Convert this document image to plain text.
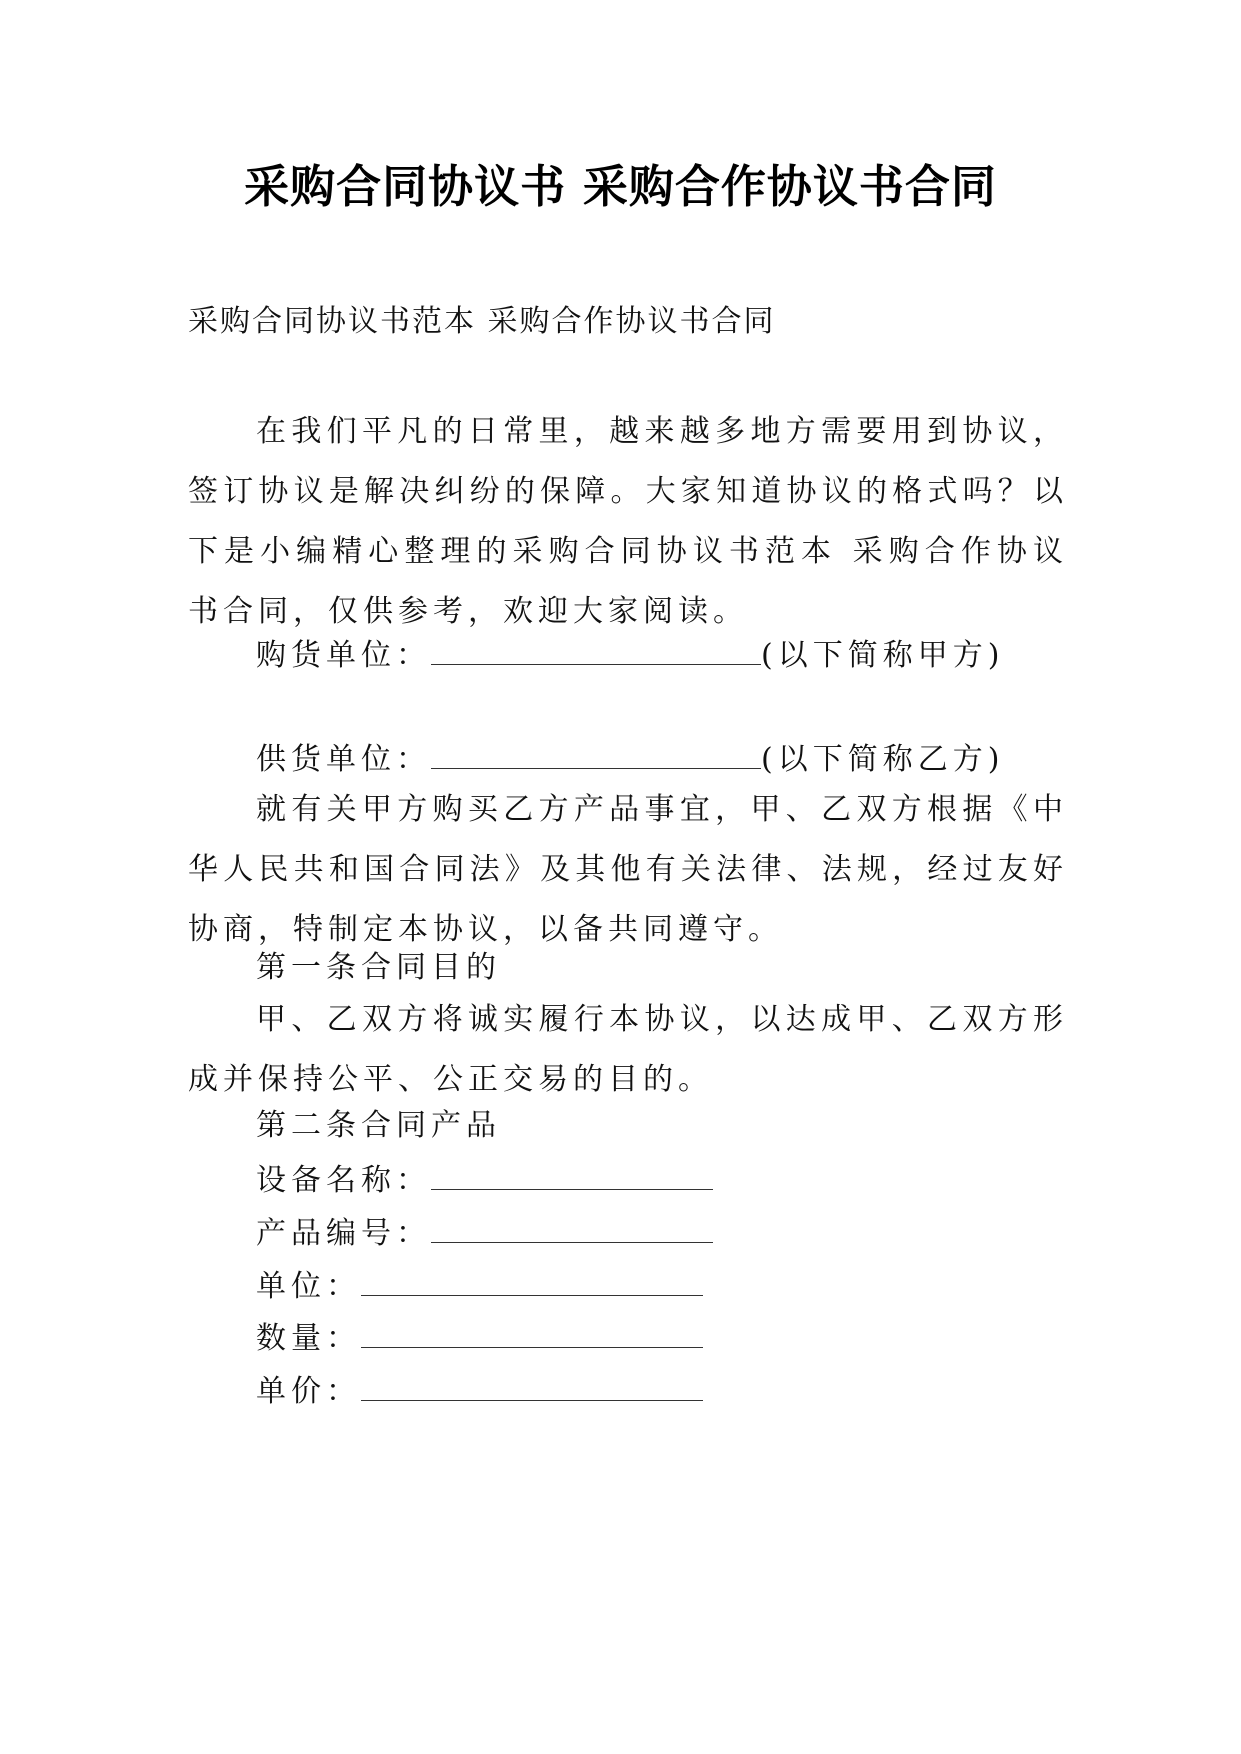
采购合同协议书 采购合作协议书合同
采购合同协议书范本 采购合作协议书合同
在我们平凡的日常里，越来越多地方需要用到协议，签订协议是解决纠纷的保障。大家知道协议的格式吗？以下是小编精心整理的采购合同协议书范本 采购合作协议书合同，仅供参考，欢迎大家阅读。
购货单位：	(以下简称甲方)
供货单位：	(以下简称乙方)
就有关甲方购买乙方产品事宜，甲、乙双方根据《中华人民共和国合同法》及其他有关法律、法规，经过友好协商，特制定本协议，以备共同遵守。
第一条合同目的
甲、乙双方将诚实履行本协议，以达成甲、乙双方形成并保持公平、公正交易的目的。
第二条合同产品
设备名称：
产品编号：
单位：
数量：
单价：
